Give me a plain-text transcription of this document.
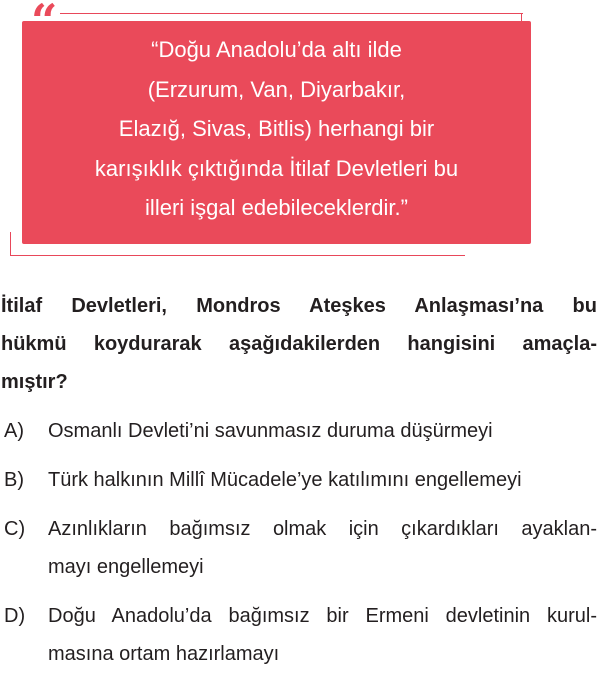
“
”
“Doğu Anadolu’da altı ilde
(Erzurum, Van, Diyarbakır,
Elazığ, Sivas, Bitlis) herhangi bir
karışıklık çıktığında İtilaf Devletleri bu
illeri işgal edebileceklerdir.”
İtilaf Devletleri, Mondros Ateşkes Anlaşması’na bu
hükmü koydurarak aşağıdakilerden hangisini amaçla-
mıştır?
A) Osmanlı Devleti’ni savunmasız duruma düşürmeyi
B) Türk halkının Millî Mücadele’ye katılımını engellemeyi
C) Azınlıkların bağımsız olmak için çıkardıkları ayaklan-
mayı engellemeyi
D) Doğu Anadolu’da bağımsız bir Ermeni devletinin kurul-
masına ortam hazırlamayı
